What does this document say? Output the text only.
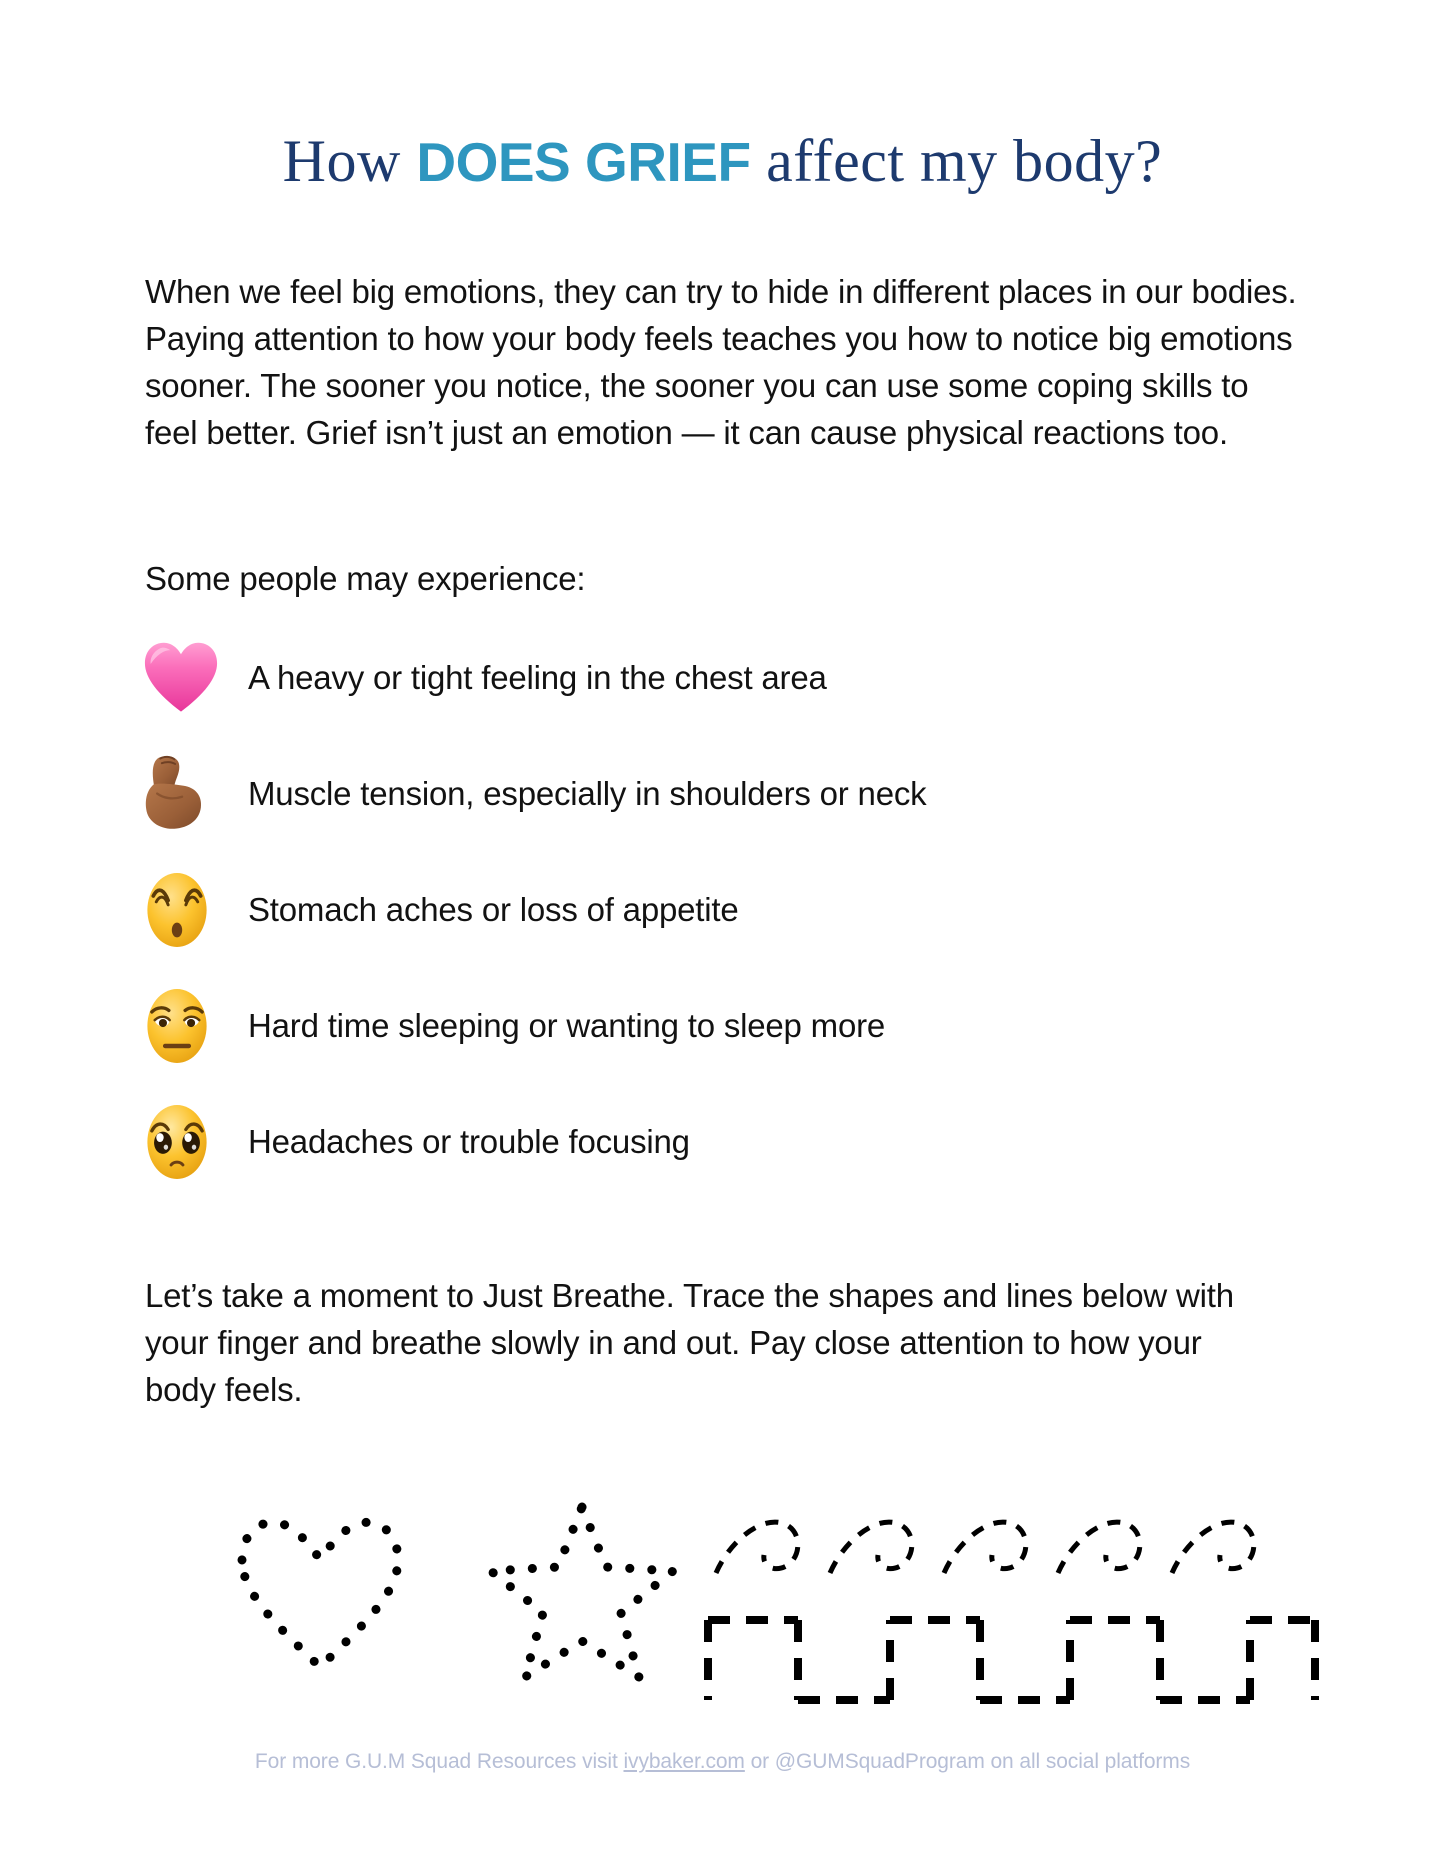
How DOES GRIEF affect my body?

When we feel big emotions, they can try to hide in different places in our bodies. Paying attention to how your body feels teaches you how to notice big emotions sooner. The sooner you notice, the sooner you can use some coping skills to feel better. Grief isn’t just an emotion — it can cause physical reactions too.

Some people may experience:

A heavy or tight feeling in the chest area
Muscle tension, especially in shoulders or neck
Stomach aches or loss of appetite
Hard time sleeping or wanting to sleep more
Headaches or trouble focusing

Let’s take a moment to Just Breathe. Trace the shapes and lines below with your finger and breathe slowly in and out. Pay close attention to how your body feels.

For more G.U.M Squad Resources visit ivybaker.com or @GUMSquadProgram on all social platforms
